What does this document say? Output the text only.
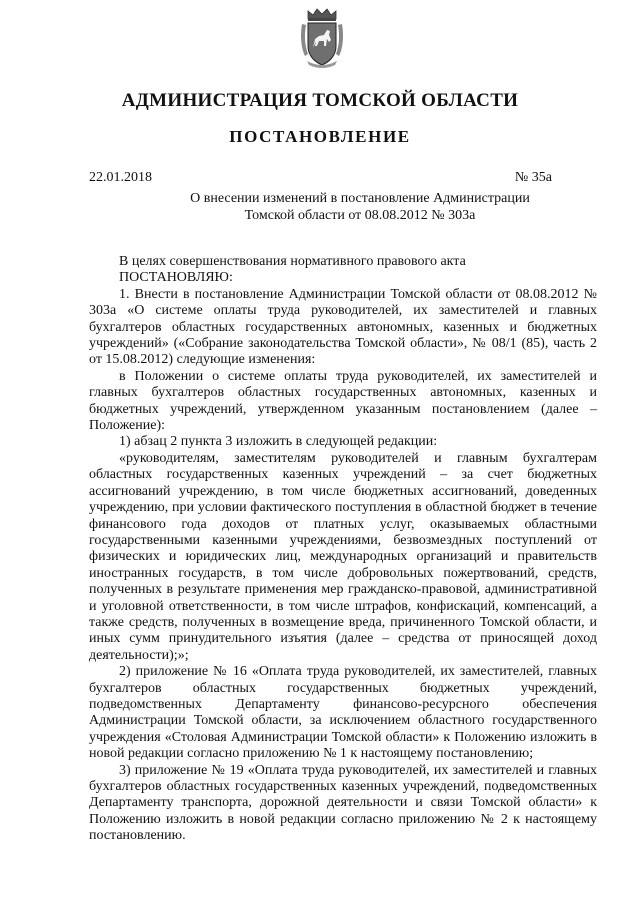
АДМИНИСТРАЦИЯ ТОМСКОЙ ОБЛАСТИ
ПОСТАНОВЛЕНИЕ
22.01.2018	№ 35а
О внесении изменений в постановление Администрации Томской области от 08.08.2012 № 303а

В целях совершенствования нормативного правового акта

ПОСТАНОВЛЯЮ:

1. Внести в постановление Администрации Томской области от 08.08.2012 № 303а «О системе оплаты труда руководителей, их заместителей и главных бухгалтеров областных государственных автономных, казенных и бюджетных учреждений» («Собрание законодательства Томской области», № 08/1 (85), часть 2 от 15.08.2012) следующие изменения:

в Положении о системе оплаты труда руководителей, их заместителей и главных бухгалтеров областных государственных автономных, казенных и бюджетных учреждений, утвержденном указанным постановлением (далее – Положение):

1) абзац 2 пункта 3 изложить в следующей редакции:

«руководителям, заместителям руководителей и главным бухгалтерам областных государственных казенных учреждений – за счет бюджетных ассигнований учреждению, в том числе бюджетных ассигнований, доведенных учреждению, при условии фактического поступления в областной бюджет в течение финансового года доходов от платных услуг, оказываемых областными государственными казенными учреждениями, безвозмездных поступлений от физических и юридических лиц, международных организаций и правительств иностранных государств, в том числе добровольных пожертвований, средств, полученных в результате применения мер гражданско-правовой, административной и уголовной ответственности, в том числе штрафов, конфискаций, компенсаций, а также средств, полученных в возмещение вреда, причиненного Томской области, и иных сумм принудительного изъятия (далее – средства от приносящей доход деятельности);»;

2) приложение № 16 «Оплата труда руководителей, их заместителей, главных бухгалтеров областных государственных бюджетных учреждений, подведомственных Департаменту финансово-ресурсного обеспечения Администрации Томской области, за исключением областного государственного учреждения «Столовая Администрации Томской области» к Положению изложить в новой редакции согласно приложению № 1 к настоящему постановлению;

3) приложение № 19 «Оплата труда руководителей, их заместителей и главных бухгалтеров областных государственных казенных учреждений, подведомственных Департаменту транспорта, дорожной деятельности и связи Томской области» к Положению изложить в новой редакции согласно приложению № 2 к настоящему постановлению.
